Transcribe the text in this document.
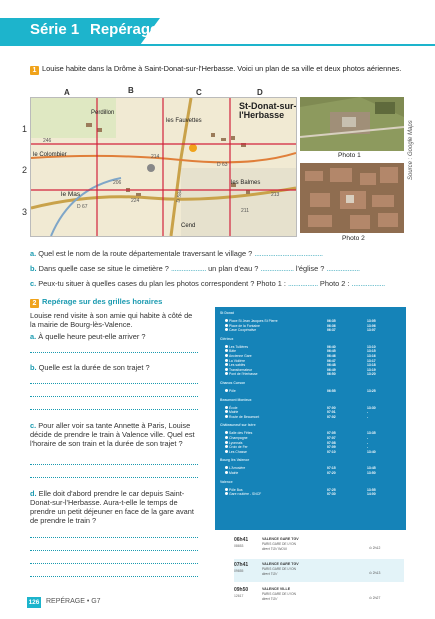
Série 1 Repérage
1 Louise habite dans la Drôme à Saint-Donat-sur-l'Herbasse. Voici un plan de sa ville et deux photos aériennes.
A	B	C	D
1
2
3
Perdillon
les Fauvettes
St-Donat-sur-l'Herbasse
le Colombier
le Mas
les Balmes
Cend
D 67
D 63
D 584
246
224
213
206
214
211
Photo 1
Photo 2
Source : Google Maps
a. Quel est le nom de la route départementale traversant le village ? .......................................
b. Dans quelle case se situe le cimetière ? .................... un plan d'eau ? ................... l'église ? ...................
c. Peux-tu situer à quelles cases du plan les photos correspondent ? Photo 1 : ................. Photo 2 : ...................
2 Repérage sur des grilles horaires
Louise rend visite à son amie qui habite à côté de la mairie de Bourg-lès-Valence.
a. À quelle heure peut-elle arriver ?
b. Quelle est la durée de son trajet ?
c. Pour aller voir sa tante Annette à Paris, Louise décide de prendre le train à Valence ville. Quel est l'horaire de son train et la durée de son trajet ?
d. Elle doit d'abord prendre le car depuis Saint-Donat-sur-l'Herbasse. Aura-t-elle le temps de prendre un petit déjeuner en face de la gare avant de prendre le train ?
St Donat
Place St Jean Jacques St Pierre	06:35	13:05
Place de la Fontaine	06:36	13:06
Cave Coopérative	06:37	13:07
Clérieux
Les Tuilières	06:40	13:10
Bâte	06:45	13:15
Ancienne Gare	06:46	13:16
La Violière	06:47	13:17
Les sablés	06:48	13:18
Transformateur	06:49	13:19
Pont de l'Herbasse	06:50	13:20
Chanos Curson
Pôle	06:55	13:25
Beaumont Monteux
École	07:00	13:30
Mairie	07:01	-
Route de Beaumont	07:02	-
Châteauneuf sur Isère
Salle des Fêtes	07:05	13:35
Champagne	07:07	-
Lyonnais	07:08	-
Croix de Fer	07:09	-
Les Chasse	07:10	13:40
Bourg lès Valence
L'Arrosière	07:15	13:45
Mairie	07:20	13:50
Valence
Pôle Bus	07:25	13:55
Gare routière - SNCF	07:30	14:00
06h41
08653
VALENCE GARE TGV
PARIS GARE DE LYON
direct TGV INOUI	⊙ 2h12
07h41
09655
VALENCE GARE TGV
PARIS GARE DE LYON
direct TGV	⊙ 2h13
09h50
12617
VALENCE VILLE
PARIS GARE DE LYON
direct TGV	⊙ 2h27
126 REPÉRAGE • G7
